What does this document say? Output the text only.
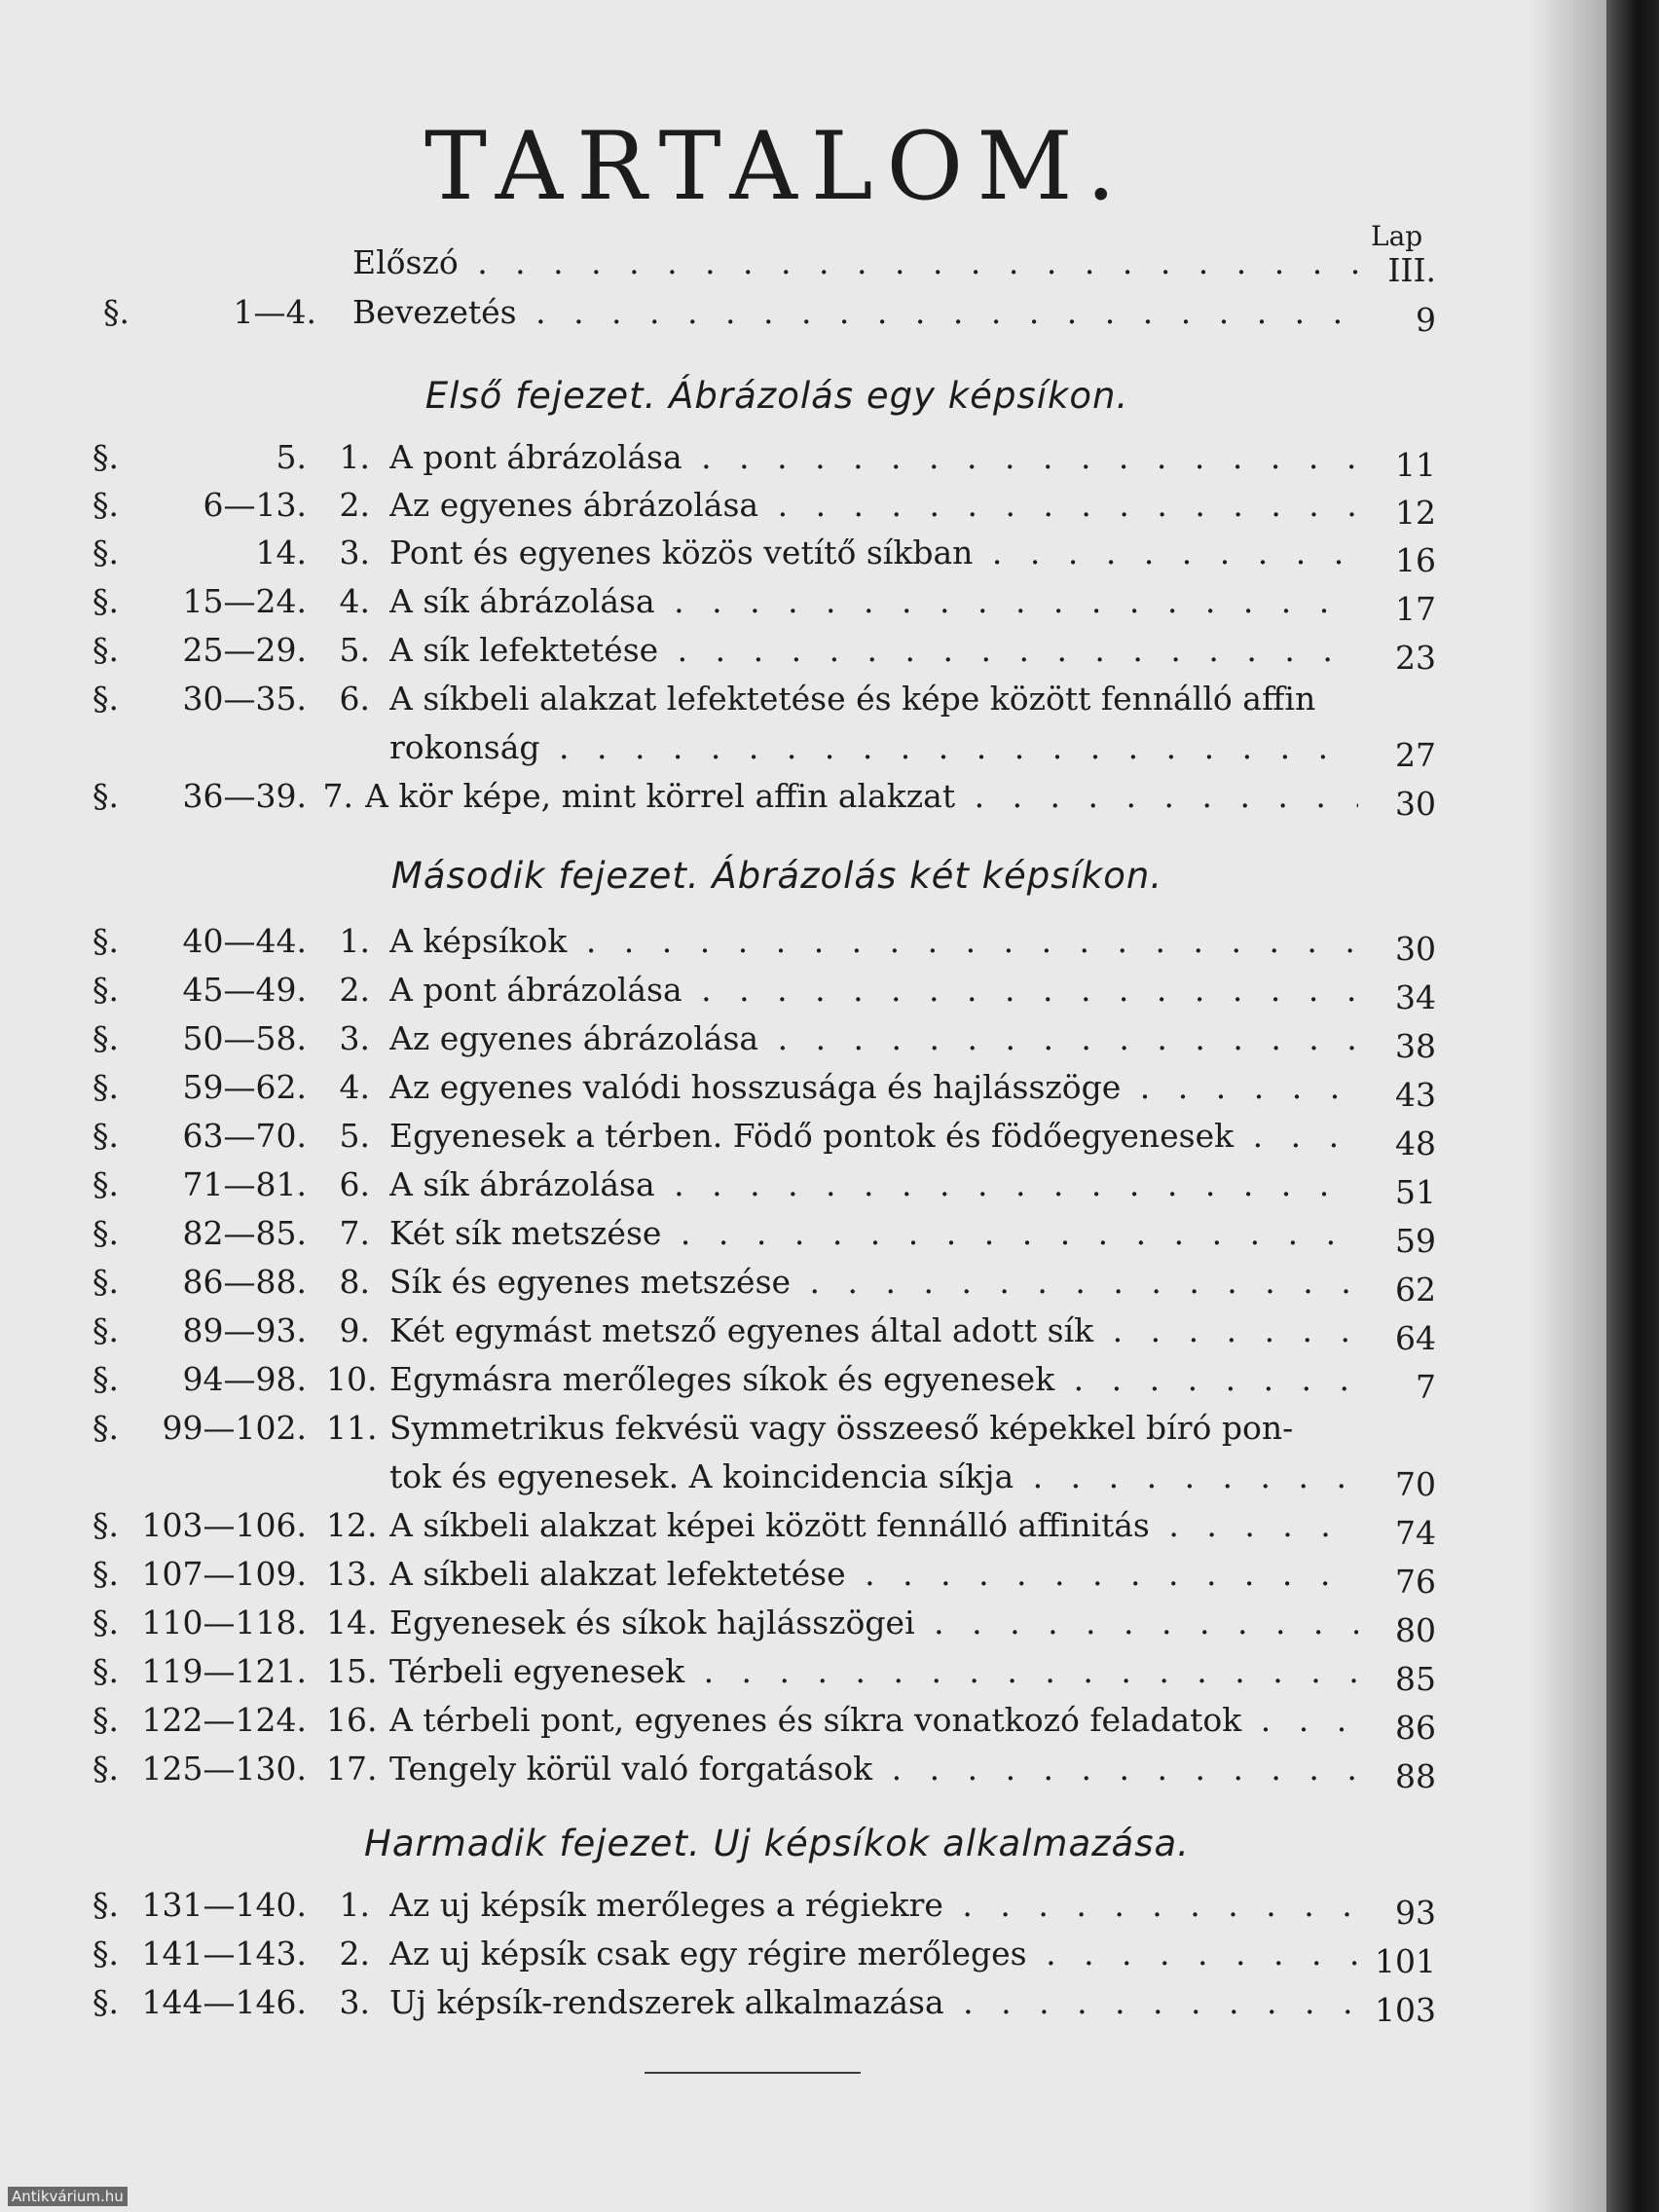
TARTALOM.
Lap
Előszó . . .	III.
§.	1—4. Bevezetés . . .	9
Első fejezet. Ábrázolás egy képsíkon.
§.	5.	1. A pont ábrázolása . . .	11
§.	6—13.	2. Az egyenes ábrázolása . . .	12
§.	14.	3. Pont és egyenes közös vetítő síkban . . .	16
§.	15—24.	4. A sík ábrázolása . . .	17
§.	25—29.	5. A sík lefektetése . . .	23
§.	30—35.	6. A síkbeli alakzat lefektetése és képe között fennálló affin
rokonság . . .	27
§.	36—39. 7. A kör képe, mint körrel affin alakzat . . .	30
Második fejezet. Ábrázolás két képsíkon.
§.	40—44.	1. A képsíkok . . .	30
§.	45—49.	2. A pont ábrázolása . . .	34
§.	50—58.	3. Az egyenes ábrázolása . . .	38
§.	59—62.	4. Az egyenes valódi hosszusága és hajlásszöge . . .	43
§.	63—70.	5. Egyenesek a térben. Födő pontok és födőegyenesek . . .	48
§.	71—81.	6. A sík ábrázolása . . .	51
§.	82—85.	7. Két sík metszése . . .	59
§.	86—88.	8. Sík és egyenes metszése . . .	62
§.	89—93.	9. Két egymást metsző egyenes által adott sík . . .	64
§.	94—98. 10. Egymásra merőleges síkok és egyenesek . . .	7
§.	99—102. 11. Symmetrikus fekvésü vagy összeeső képekkel bíró pon-
tok és egyenesek. A koincidencia síkja . . .	70
§. 103—106. 12. A síkbeli alakzat képei között fennálló affinitás . . .	74
§. 107—109. 13. A síkbeli alakzat lefektetése . . .	76
§. 110—118. 14. Egyenesek és síkok hajlásszögei . . .	80
§. 119—121. 15. Térbeli egyenesek . . .	85
§. 122—124. 16. A térbeli pont, egyenes és síkra vonatkozó feladatok . . .	86
§. 125—130. 17. Tengely körül való forgatások . . .	88
Harmadik fejezet. Uj képsíkok alkalmazása.
§. 131—140.	1. Az uj képsík merőleges a régiekre . . .	93
§. 141—143.	2. Az uj képsík csak egy régire merőleges . . .	101
§. 144—146.	3. Uj képsík-rendszerek alkalmazása . . .	103
Antikvárium.hu
